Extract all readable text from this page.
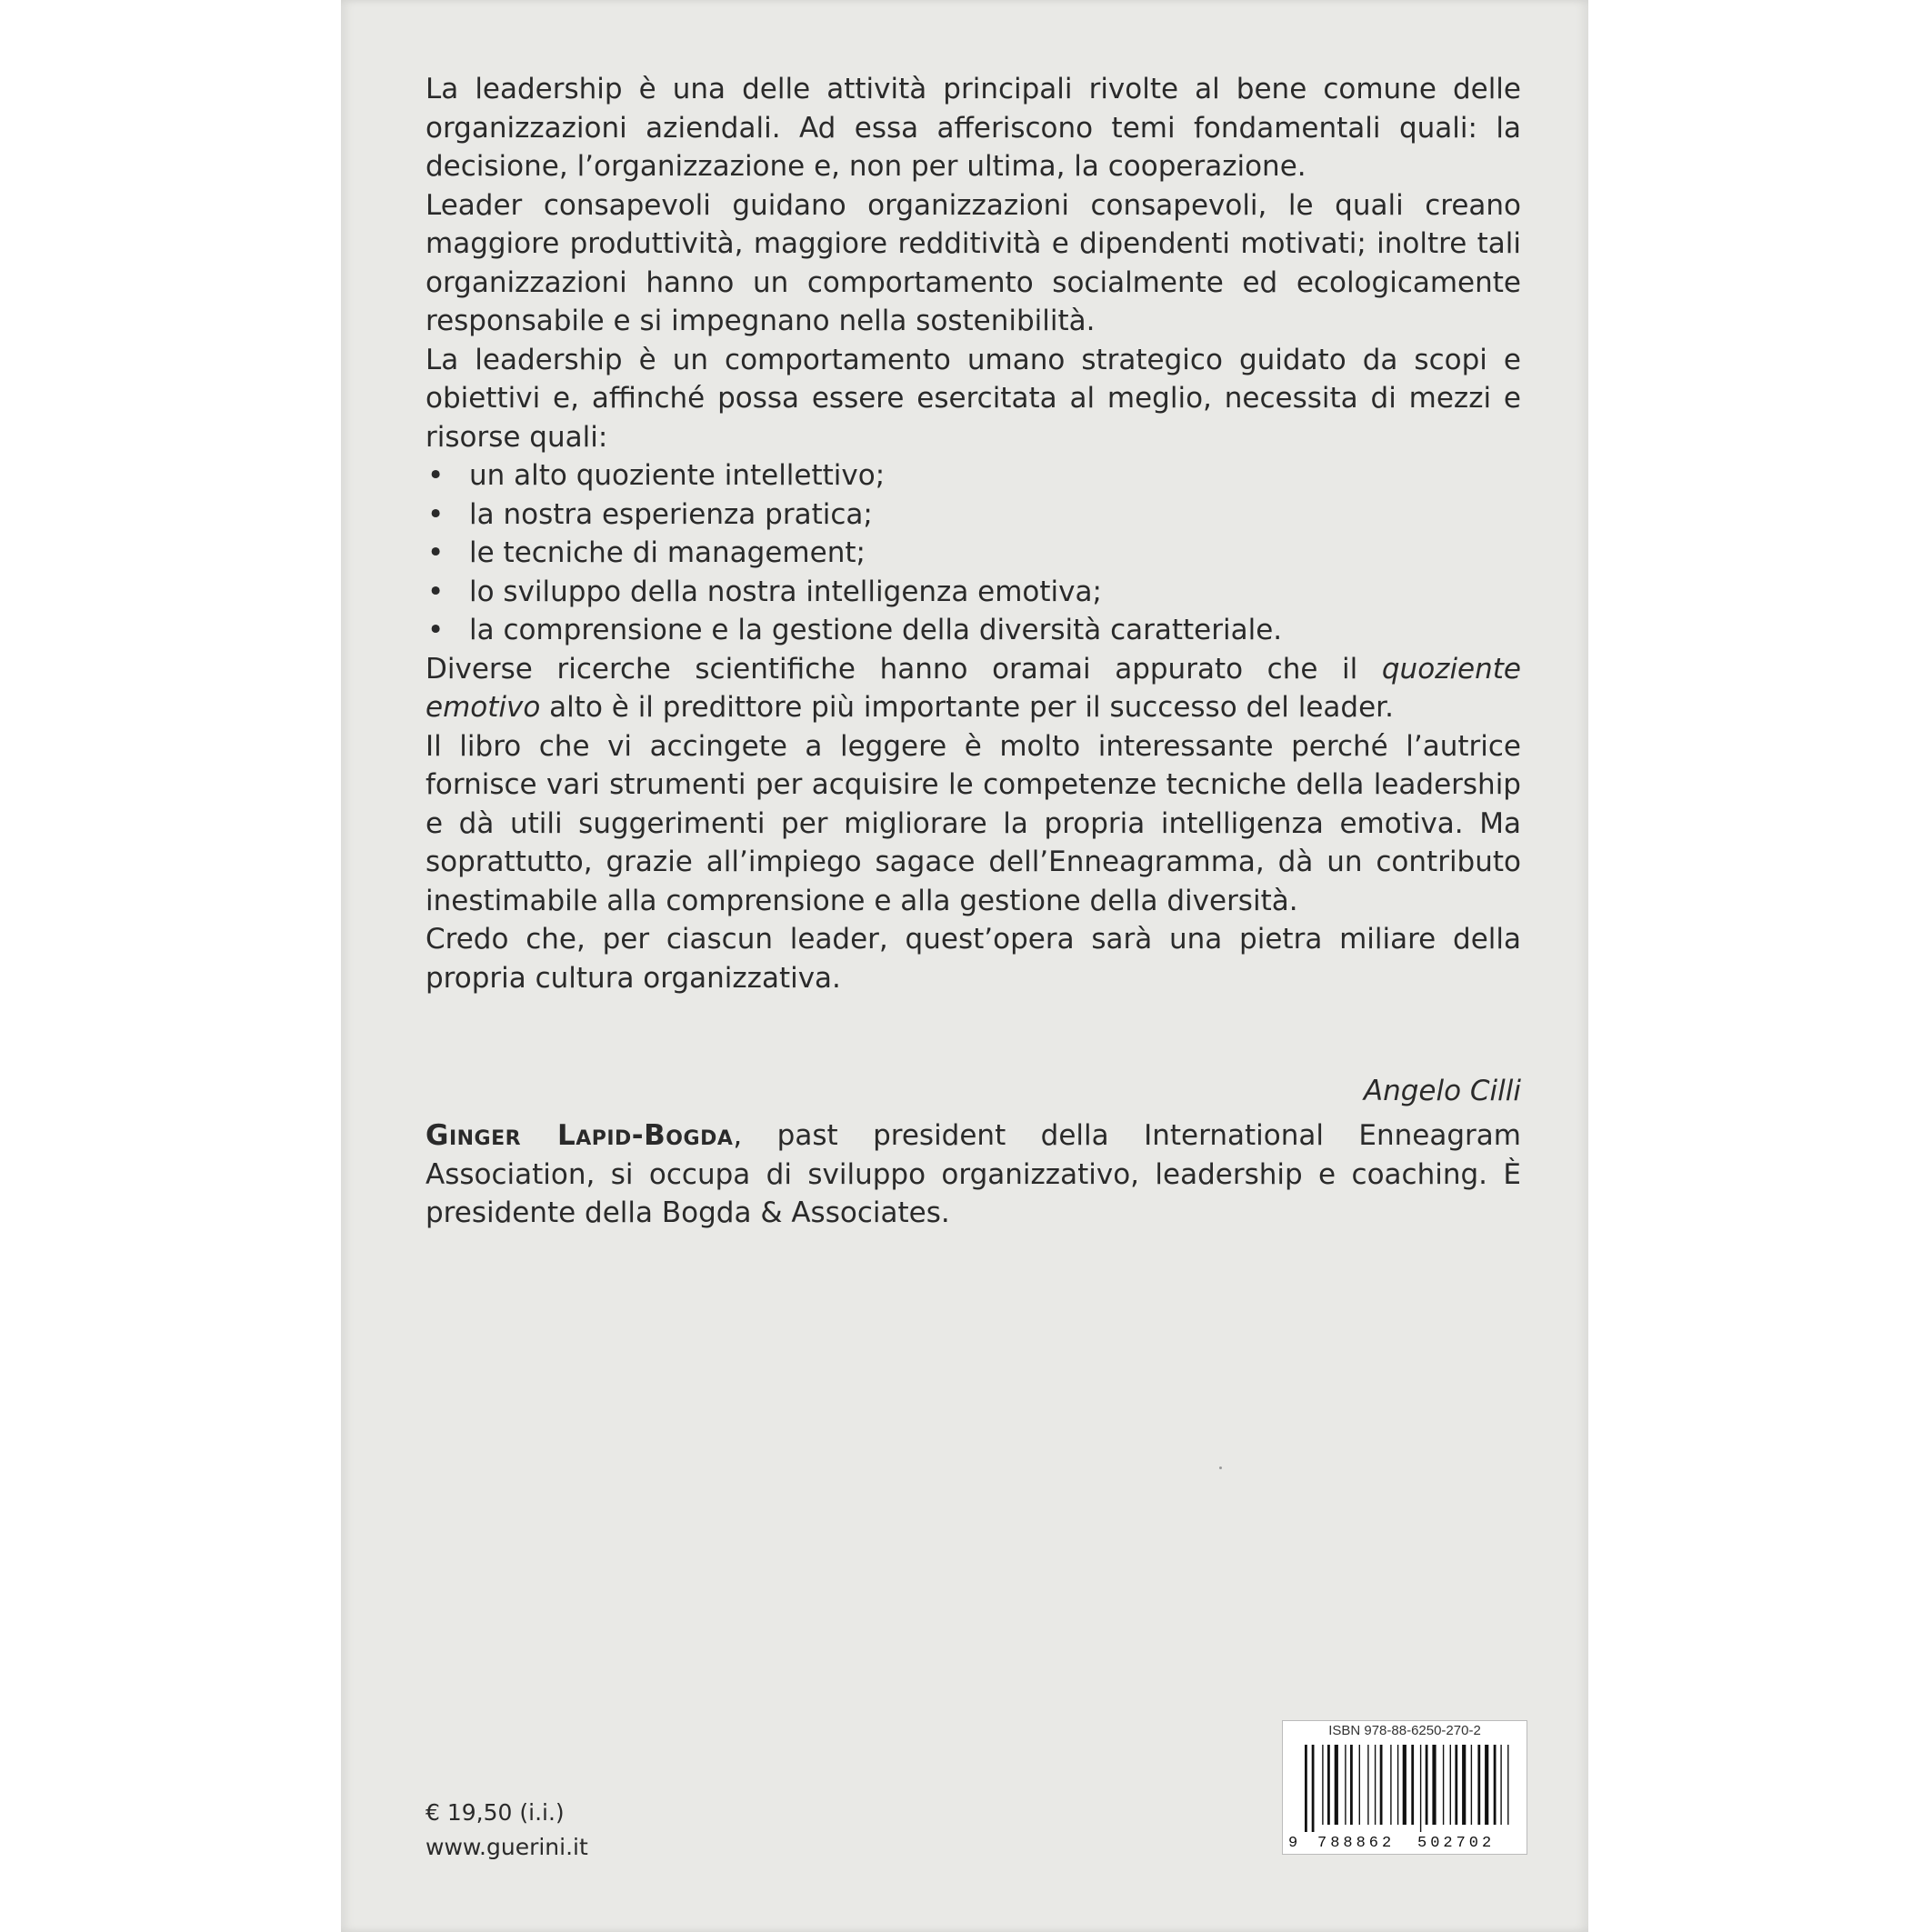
La leadership è una delle attività principali rivolte al bene comune delle organizzazioni aziendali. Ad essa afferiscono temi fondamentali quali: la decisione, l’organizzazione e, non per ultima, la cooperazione.

Leader consapevoli guidano organizzazioni consapevoli, le quali creano maggiore produttività, maggiore redditività e dipendenti motivati; inoltre tali organizzazioni hanno un comportamento socialmente ed ecologicamente responsabile e si impegnano nella sostenibilità.

La leadership è un comportamento umano strategico guidato da scopi e obiettivi e, affinché possa essere esercitata al meglio, necessita di mezzi e risorse quali:

• un alto quoziente intellettivo;
• la nostra esperienza pratica;
• le tecniche di management;
• lo sviluppo della nostra intelligenza emotiva;
• la comprensione e la gestione della diversità caratteriale.

Diverse ricerche scientifiche hanno oramai appurato che il quoziente emotivo alto è il predittore più importante per il successo del leader.

Il libro che vi accingete a leggere è molto interessante perché l’autrice fornisce vari strumenti per acquisire le competenze tecniche della leadership e dà utili suggerimenti per migliorare la propria intelligenza emotiva. Ma soprattutto, grazie all’impiego sagace dell’Enneagramma, dà un contributo inestimabile alla comprensione e alla gestione della diversità.

Credo che, per ciascun leader, quest’opera sarà una pietra miliare della propria cultura organizzativa.

Angelo Cilli

Ginger Lapid-Bogda, past president della International Enneagram Association, si occupa di sviluppo organizzativo, leadership e coaching. È presidente della Bogda & Associates.

€ 19,50 (i.i.)
www.guerini.it
ISBN 978-88-6250-270-2
9 788862 502702
